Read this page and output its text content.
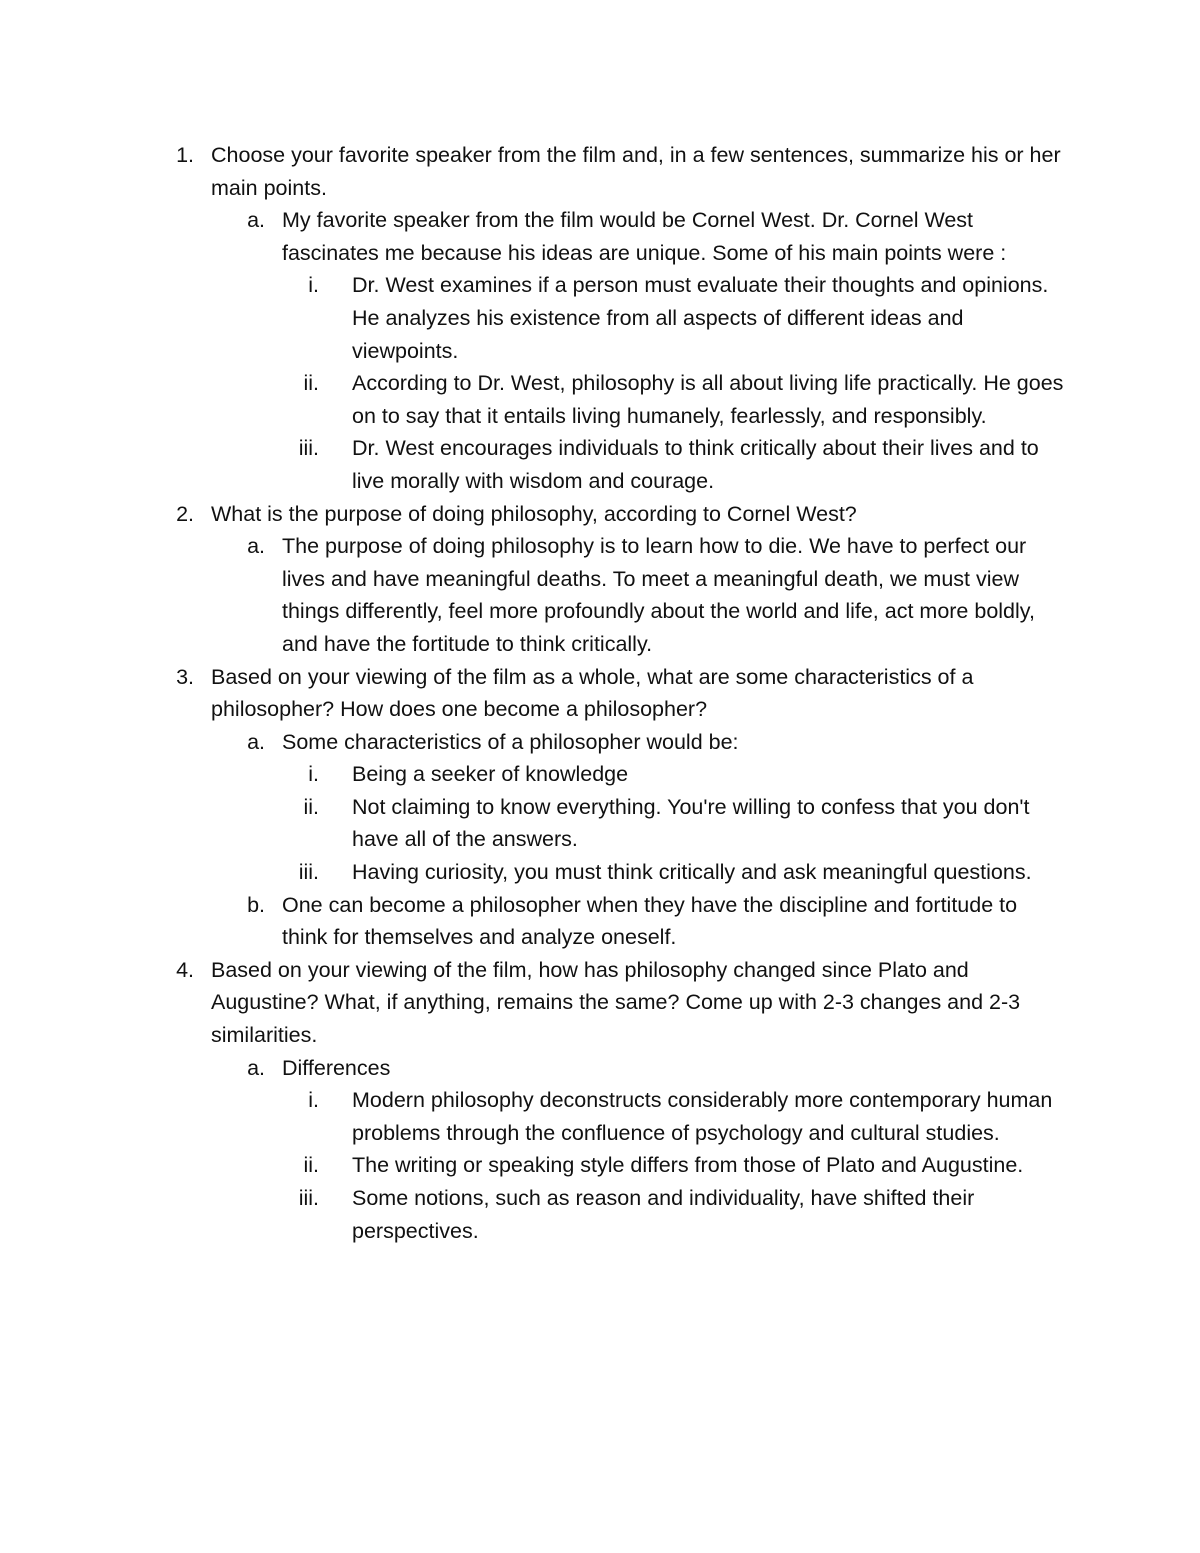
1. Choose your favorite speaker from the film and, in a few sentences, summarize his or her main points.
a. My favorite speaker from the film would be Cornel West. Dr. Cornel West fascinates me because his ideas are unique. Some of his main points were :
i. Dr. West examines if a person must evaluate their thoughts and opinions. He analyzes his existence from all aspects of different ideas and viewpoints.
ii. According to Dr. West, philosophy is all about living life practically. He goes on to say that it entails living humanely, fearlessly, and responsibly.
iii. Dr. West encourages individuals to think critically about their lives and to live morally with wisdom and courage.
2. What is the purpose of doing philosophy, according to Cornel West?
a. The purpose of doing philosophy is to learn how to die. We have to perfect our lives and have meaningful deaths. To meet a meaningful death, we must view things differently, feel more profoundly about the world and life, act more boldly, and have the fortitude to think critically.
3. Based on your viewing of the film as a whole, what are some characteristics of a philosopher? How does one become a philosopher?
a. Some characteristics of a philosopher would be:
i. Being a seeker of knowledge
ii. Not claiming to know everything. You're willing to confess that you don't have all of the answers.
iii. Having curiosity, you must think critically and ask meaningful questions.
b. One can become a philosopher when they have the discipline and fortitude to think for themselves and analyze oneself.
4. Based on your viewing of the film, how has philosophy changed since Plato and Augustine? What, if anything, remains the same? Come up with 2-3 changes and 2-3 similarities.
a. Differences
i. Modern philosophy deconstructs considerably more contemporary human problems through the confluence of psychology and cultural studies.
ii. The writing or speaking style differs from those of Plato and Augustine.
iii. Some notions, such as reason and individuality, have shifted their perspectives.
